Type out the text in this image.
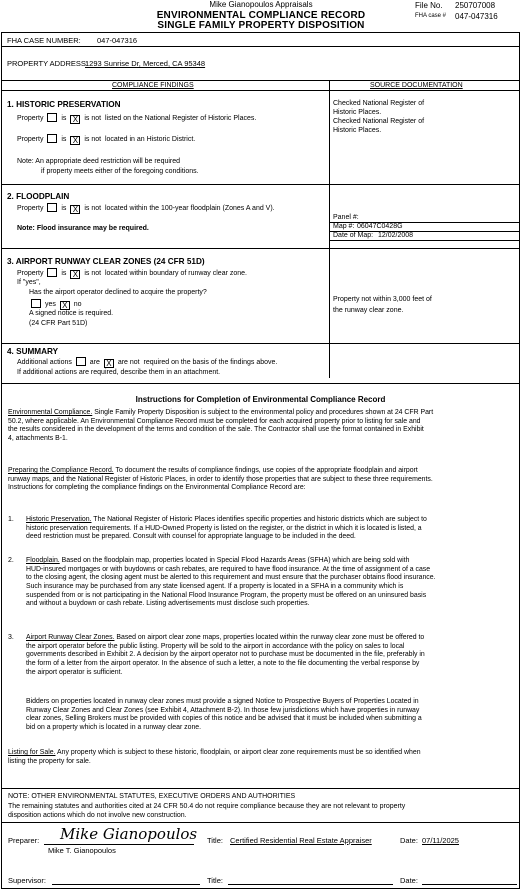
Mike Gianopoulos Appraisals
ENVIRONMENTAL COMPLIANCE RECORD
SINGLE FAMILY PROPERTY DISPOSITION
File No. 250707008
FHA case # 047-047316
FHA CASE NUMBER: 047-047316
PROPERTY ADDRESS:
1293 Sunrise Dr, Merced, CA 95348
COMPLIANCE FINDINGS	SOURCE DOCUMENTATION
1. HISTORIC PRESERVATION
Property	is X is not listed on the National Register of Historic Places.
Property	is X is not located in an Historic District.
Note: An appropriate deed restriction will be required
if property meets either of the foregoing conditions.
Checked National Register of
Historic Places.
Checked National Register of
Historic Places.
2. FLOODPLAIN
Property	is X is not located within the 100-year floodplain (Zones A and V).
Note: Flood insurance may be required.
Panel #:
Map #: 06047C0428G
Date of Map: 12/02/2008
3. AIRPORT RUNWAY CLEAR ZONES (24 CFR 51D)
Property	is X is not located within boundary of runway clear zone.
If "yes",
Has the airport operator declined to acquire the property?
yes X no
A signed notice is required.
(24 CFR Part 51D)
Property not within 3,000 feet of
the runway clear zone.
4. SUMMARY
Additional actions	are X are not required on the basis of the findings above.
If additional actions are required, describe them in an attachment.
Instructions for Completion of Environmental Compliance Record
Environmental Compliance. Single Family Property Disposition is subject to the environmental policy and procedures shown at 24 CFR Part
50.2, where applicable. An Environmental Compliance Record must be completed for each acquired property prior to listing for sale and
the results considered in the development of the terms and condition of the sale. The Contractor shall use the format contained in Exhibit
4, attachments B-1.
Preparing the Compliance Record. To document the results of compliance findings, use copies of the appropriate floodplain and airport
runway maps, and the National Register of Historic Places, in order to identify those properties that are subject to these three requirements.
Instructions for completing the compliance findings on the Environmental Compliance Record are:
1. Historic Preservation. The National Register of Historic Places identifies specific properties and historic districts which are subject to
historic preservation requirements. If a HUD-Owned Property is listed on the register, or the district in which it is located is listed, a
deed restriction must be prepared. Consult with counsel for appropriate language to be included in the deed.
2. Floodplain. Based on the floodplain map, properties located in Special Flood Hazards Areas (SFHA) which are being sold with
HUD-insured mortgages or with buydowns or cash rebates, are required to have flood insurance. At the time of assignment of a case
to the closing agent, the closing agent must be alerted to this requirement and must ensure that the purchaser obtains flood insurance.
Such insurance may be purchased from any state licensed agent. If a property is located in a SFHA in a community which is
suspended from or is not participating in the National Flood Insurance Program, the property must be offered on an uninsured basis
and without a buydown or cash rebate. Listing advertisements must disclose such properties.
3. Airport Runway Clear Zones. Based on airport clear zone maps, properties located within the runway clear zone must be offered to
the airport operator before the public listing. Property will be sold to the airport in accordance with the policy on sales to local
governments described in Exhibit 2. A decision by the airport operator not to purchase must be documented in the file, preferably in
the form of a letter from the airport operator. In the absence of such a letter, a note to the file documenting the verbal response by
the airport operator is sufficient.
Bidders on properties located in runway clear zones must provide a signed Notice to Prospective Buyers of Properties Located in
Runway Clear Zones and Clear Zones (see Exhibit 4, Attachment B-2). In those few jurisdictions which have properties in runway
clear zones, Selling Brokers must be provided with copies of this notice and be advised that it must be included when submitting a
bid on a property which is located in a runway clear zone.
Listing for Sale. Any property which is subject to these historic, floodplain, or airport clear zone requirements must be so identified when
listing the property for sale.
NOTE: OTHER ENVIRONMENTAL STATUTES, EXECUTIVE ORDERS AND AUTHORITIES
The remaining statutes and authorities cited at 24 CFR 50.4 do not require compliance because they are not relevant to property
disposition actions which do not involve new construction.
Preparer: Mike Gianopoulos
Mike T. Gianopoulos
Title: Certified Residential Real Estate Appraiser	Date: 07/11/2025
Supervisor:	Title:	Date:
